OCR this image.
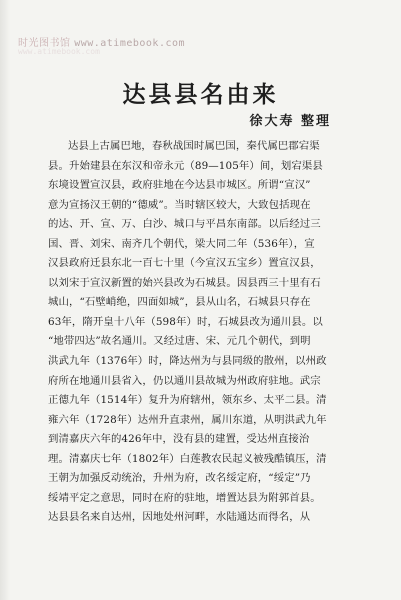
时光图书馆 www.atimebook.com
www.atimebook.com
达县县名由来
徐大寿 整理
达县上古属巴地，春秋战国时属巴国，秦代属巴郡宕渠
县。升始建县在东汉和帝永元（89—105年）间，划宕渠县
东境设置宣汉县，政府驻地在今达县市城区。所谓“宣汉”
意为宣扬汉王朝的“德威”。当时辖区较大，大致包括现在
的达、开、宣、万、白沙、城口与平昌东南部。以后经过三
国、晋、刘宋、南齐几个朝代，梁大同二年（536年），宣
汉县政府迁县东北一百七十里（今宣汉五宝乡）置宣汉县，
以刘宋于宣汉新置的始兴县改为石城县。因县西三十里有石
城山，“石壁峭绝，四面如城”，县从山名，石城县只存在
63年，隋开皇十八年（598年）时，石城县改为通川县。以
“地带四达”故名通川。又经过唐、宋、元几个朝代，到明
洪武九年（1376年）时，降达州为与县同级的散州，以州政
府所在地通川县省入，仍以通川县故城为州政府驻地。武宗
正德九年（1514年）复升为府辖州，领东乡、太平二县。清
雍六年（1728年）达州升直隶州，属川东道，从明洪武九年
到清嘉庆六年的426年中，没有县的建置，受达州直接治
理。清嘉庆七年（1802年）白莲教农民起义被残酷镇压，清
王朝为加强反动统治，升州为府，改名绥定府，“绥定”乃
绥靖平定之意思，同时在府的驻地，增置达县为附郭首县。
达县县名来自达州，因地处州河畔，水陆通达而得名，从
